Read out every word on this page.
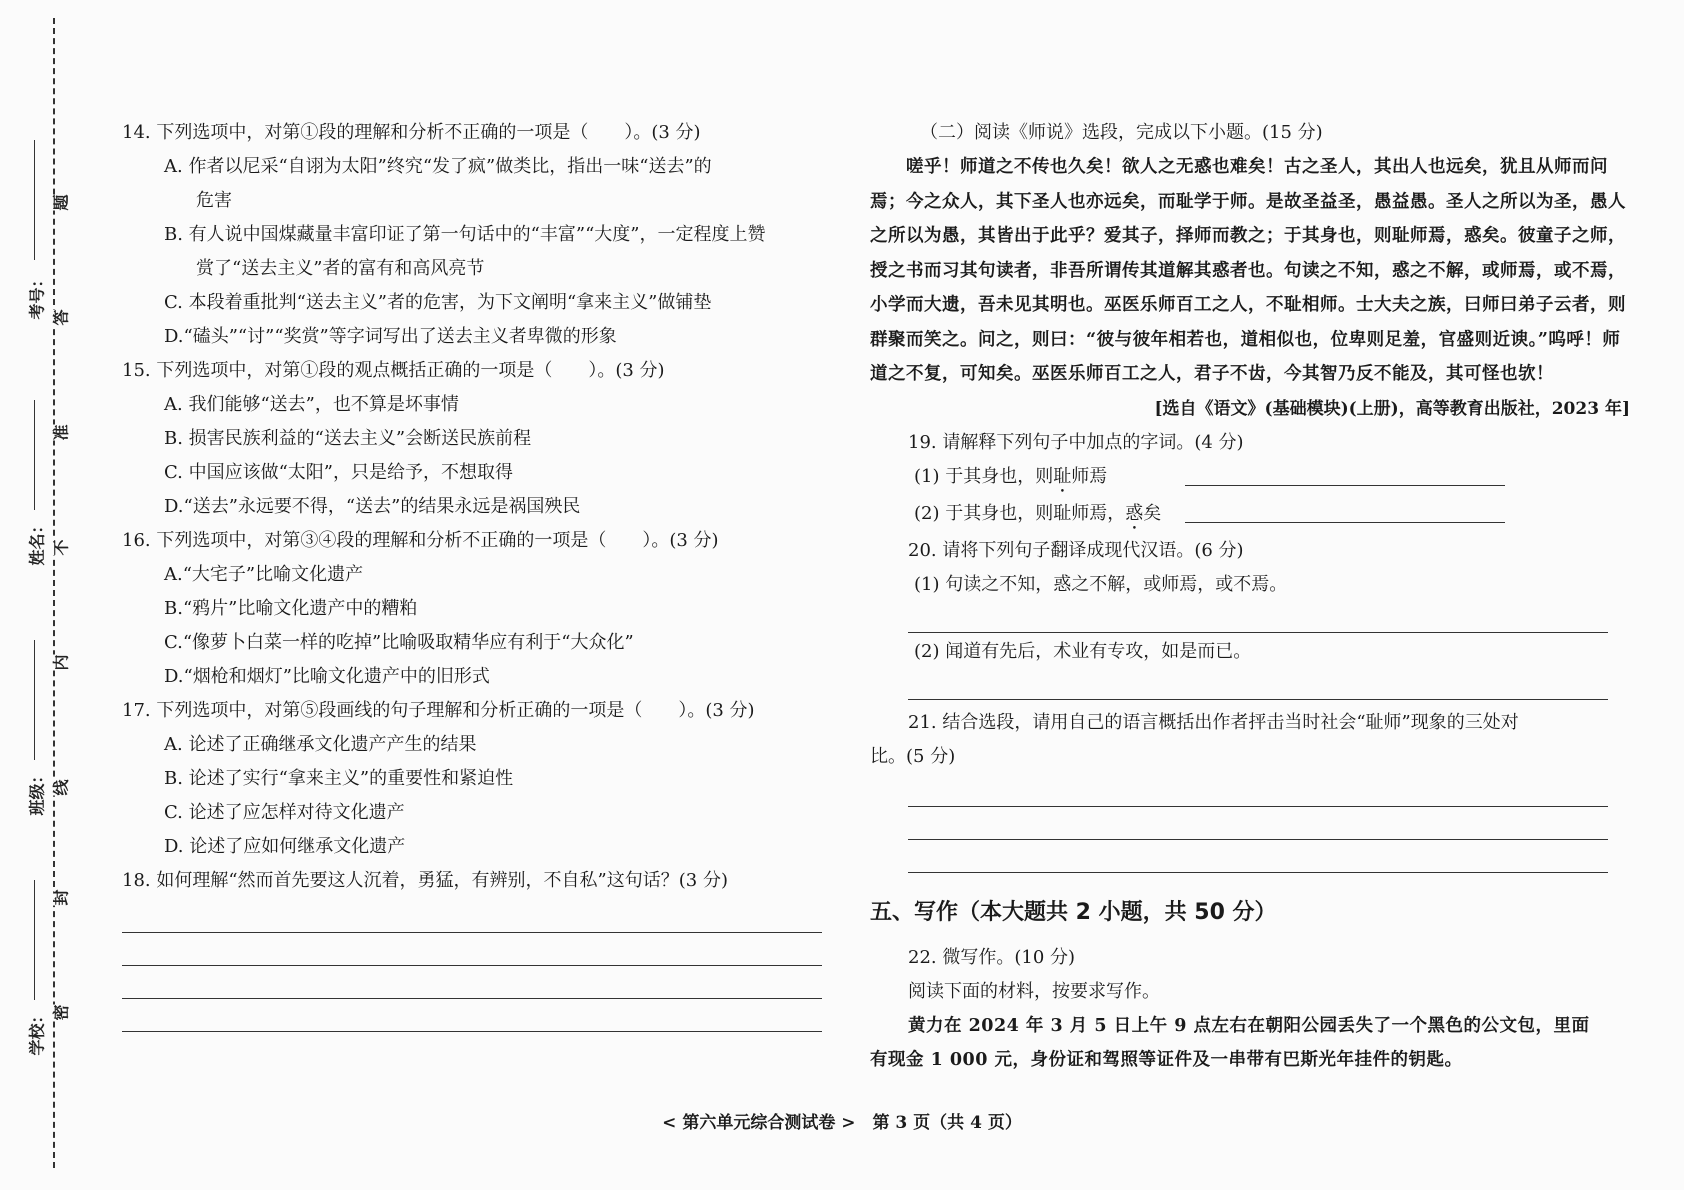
考号：
姓名：
班级：
学校：
题
答
准
不
内
线
封
密
14. 下列选项中，对第①段的理解和分析不正确的一项是（　　）。(3 分)
A. 作者以尼采“自诩为太阳”终究“发了疯”做类比，指出一味“送去”的
危害
B. 有人说中国煤藏量丰富印证了第一句话中的“丰富”“大度”，一定程度上赞
赏了“送去主义”者的富有和高风亮节
C. 本段着重批判“送去主义”者的危害，为下文阐明“拿来主义”做铺垫
D.“磕头”“讨”“奖赏”等字词写出了送去主义者卑微的形象
15. 下列选项中，对第①段的观点概括正确的一项是（　　）。(3 分)
A. 我们能够“送去”，也不算是坏事情
B. 损害民族利益的“送去主义”会断送民族前程
C. 中国应该做“太阳”，只是给予，不想取得
D.“送去”永远要不得，“送去”的结果永远是祸国殃民
16. 下列选项中，对第③④段的理解和分析不正确的一项是（　　）。(3 分)
A.“大宅子”比喻文化遗产
B.“鸦片”比喻文化遗产中的糟粕
C.“像萝卜白菜一样的吃掉”比喻吸取精华应有利于“大众化”
D.“烟枪和烟灯”比喻文化遗产中的旧形式
17. 下列选项中，对第⑤段画线的句子理解和分析正确的一项是（　　）。(3 分)
A. 论述了正确继承文化遗产产生的结果
B. 论述了实行“拿来主义”的重要性和紧迫性
C. 论述了应怎样对待文化遗产
D. 论述了应如何继承文化遗产
18. 如何理解“然而首先要这人沉着，勇猛，有辨别，不自私”这句话？(3 分)
（二）阅读《师说》选段，完成以下小题。(15 分)
嗟乎！师道之不传也久矣！欲人之无惑也难矣！古之圣人，其出人也远矣，犹且从师而问焉；今之众人，其下圣人也亦远矣，而耻学于师。是故圣益圣，愚益愚。圣人之所以为圣，愚人之所以为愚，其皆出于此乎？爱其子，择师而教之；于其身也，则耻师焉，惑矣。彼童子之师，授之书而习其句读者，非吾所谓传其道解其惑者也。句读之不知，惑之不解，或师焉，或不焉，小学而大遗，吾未见其明也。巫医乐师百工之人，不耻相师。士大夫之族，曰师曰弟子云者，则群聚而笑之。问之，则曰：“彼与彼年相若也，道相似也，位卑则足羞，官盛则近谀。”呜呼！师道之不复，可知矣。巫医乐师百工之人，君子不齿，今其智乃反不能及，其可怪也欤！
[选自《语文》(基础模块)(上册)，高等教育出版社，2023 年]
19. 请解释下列句子中加点的字词。(4 分)
(1) 于其身也，则耻师焉
(2) 于其身也，则耻师焉，惑矣
20. 请将下列句子翻译成现代汉语。(6 分)
(1) 句读之不知，惑之不解，或师焉，或不焉。
(2) 闻道有先后，术业有专攻，如是而已。
21. 结合选段，请用自己的语言概括出作者抨击当时社会“耻师”现象的三处对
比。(5 分)
五、写作（本大题共 2 小题，共 50 分）
22. 微写作。(10 分)
阅读下面的材料，按要求写作。
黄力在 2024 年 3 月 5 日上午 9 点左右在朝阳公园丢失了一个黑色的公文包，里面
有现金 1 000 元，身份证和驾照等证件及一串带有巴斯光年挂件的钥匙。
< 第六单元综合测试卷 >　第 3 页（共 4 页）
